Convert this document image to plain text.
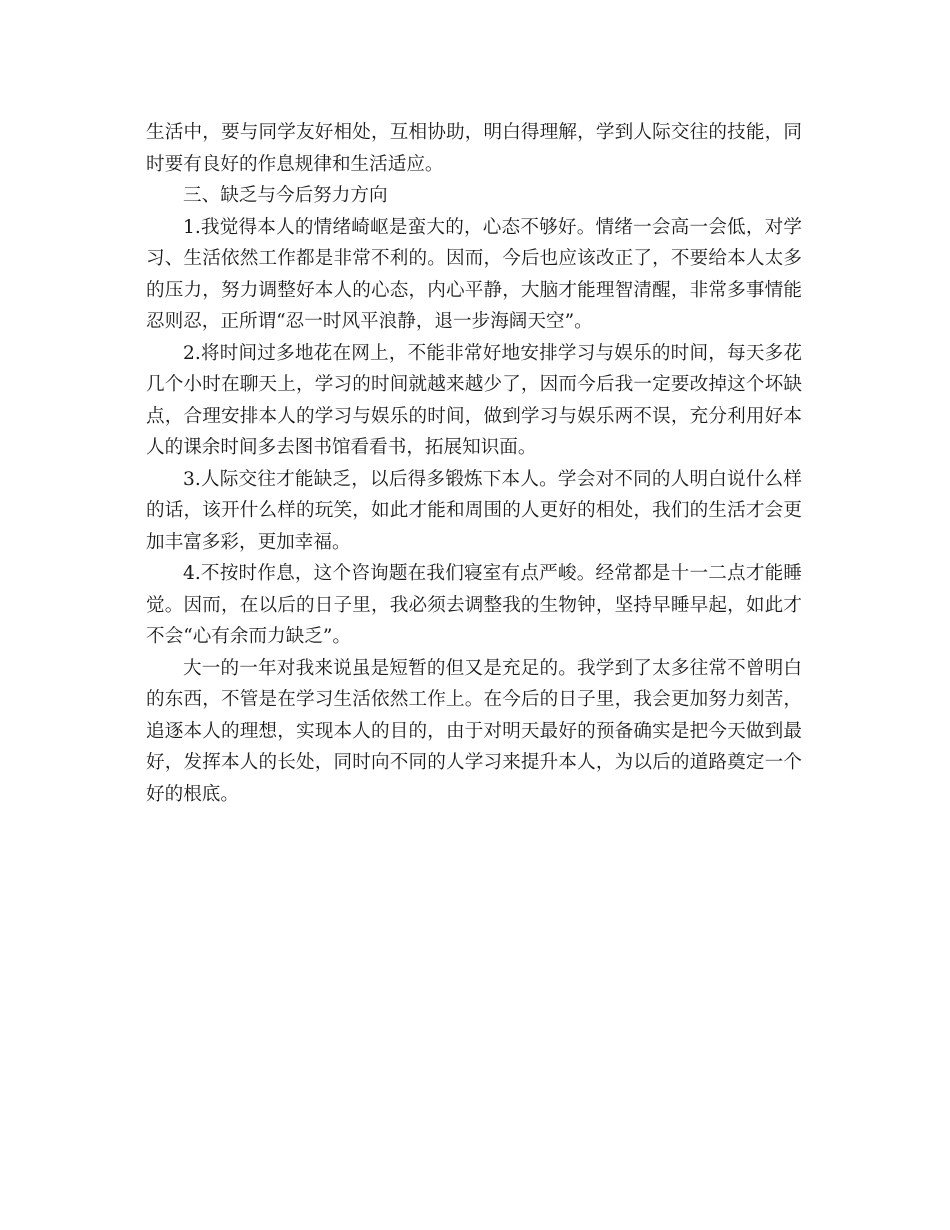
生活中，要与同学友好相处，互相协助，明白得理解，学到人际交往的技能，同时要有良好的作息规律和生活适应。

三、缺乏与今后努力方向

1.我觉得本人的情绪崎岖是蛮大的，心态不够好。情绪一会高一会低，对学习、生活依然工作都是非常不利的。因而，今后也应该改正了，不要给本人太多的压力，努力调整好本人的心态，内心平静，大脑才能理智清醒，非常多事情能忍则忍，正所谓“忍一时风平浪静，退一步海阔天空”。

2.将时间过多地花在网上，不能非常好地安排学习与娱乐的时间，每天多花几个小时在聊天上，学习的时间就越来越少了，因而今后我一定要改掉这个坏缺点，合理安排本人的学习与娱乐的时间，做到学习与娱乐两不误，充分利用好本人的课余时间多去图书馆看看书，拓展知识面。

3.人际交往才能缺乏，以后得多锻炼下本人。学会对不同的人明白说什么样的话，该开什么样的玩笑，如此才能和周围的人更好的相处，我们的生活才会更加丰富多彩，更加幸福。

4.不按时作息，这个咨询题在我们寝室有点严峻。经常都是十一二点才能睡觉。因而，在以后的日子里，我必须去调整我的生物钟，坚持早睡早起，如此才不会“心有余而力缺乏”。

大一的一年对我来说虽是短暂的但又是充足的。我学到了太多往常不曾明白的东西，不管是在学习生活依然工作上。在今后的日子里，我会更加努力刻苦，追逐本人的理想，实现本人的目的，由于对明天最好的预备确实是把今天做到最好，发挥本人的长处，同时向不同的人学习来提升本人，为以后的道路奠定一个好的根底。
